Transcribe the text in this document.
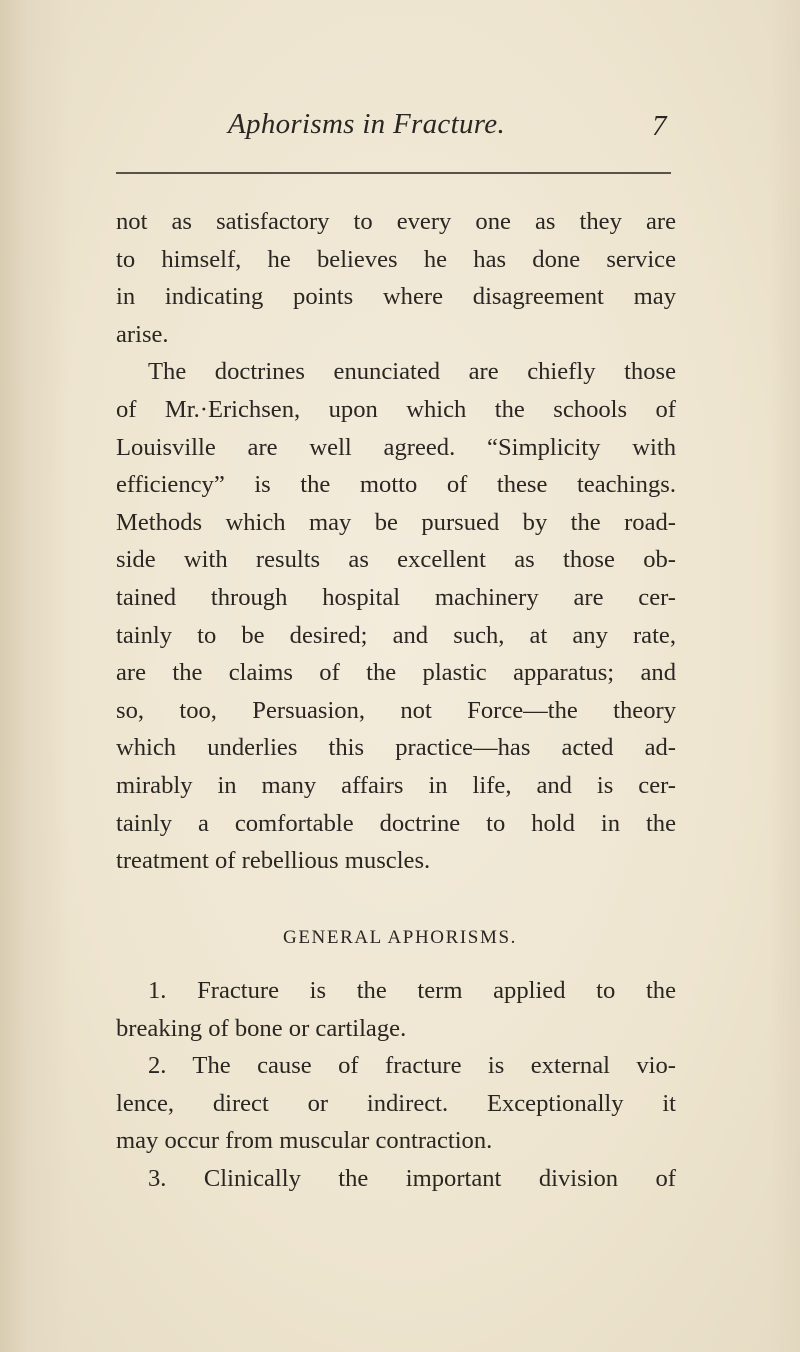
Aphorisms in Fracture.	7
not as satisfactory to every one as they are
to himself, he believes he has done service
in indicating points where disagreement may
arise.
The doctrines enunciated are chiefly those
of Mr.·Erichsen, upon which the schools of
Louisville are well agreed. “Simplicity with
efficiency” is the motto of these teachings.
Methods which may be pursued by the road-
side with results as excellent as those ob-
tained through hospital machinery are cer-
tainly to be desired; and such, at any rate,
are the claims of the plastic apparatus; and
so, too, Persuasion, not Force—the theory
which underlies this practice—has acted ad-
mirably in many affairs in life, and is cer-
tainly a comfortable doctrine to hold in the
treatment of rebellious muscles.
GENERAL APHORISMS.
1. Fracture is the term applied to the
breaking of bone or cartilage.
2. The cause of fracture is external vio-
lence, direct or indirect. Exceptionally it
may occur from muscular contraction.
3. Clinically the important division of
